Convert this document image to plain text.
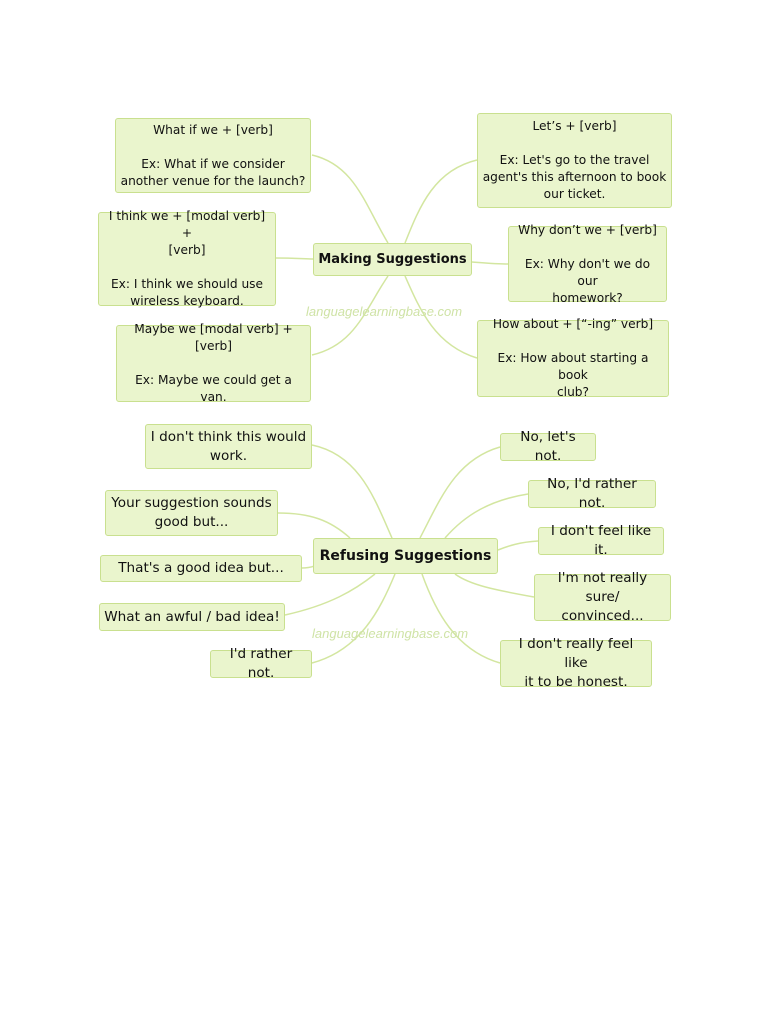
Making Suggestions
What if we + [verb]

Ex: What if we consider
another venue for the launch?
I think we + [modal verb] +
[verb]

Ex: I think we should use
wireless keyboard.
Maybe we [modal verb] +
[verb]

Ex: Maybe we could get a van.
Let’s + [verb]

Ex: Let's go to the travel
agent's this afternoon to book
our ticket.
Why don’t we + [verb]

Ex: Why don't we do our
homework?
How about + [“-ing” verb]

Ex: How about starting a book
club?
languagelearningbase.com
Refusing Suggestions
I don't think this would
work.
Your suggestion sounds
good but...
That's a good idea but...
What an awful / bad idea!
I'd rather not.
No, let's not.
No, I'd rather not.
I don't feel like it.
I'm not really sure/
convinced...
I don't really feel like
it to be honest.
languagelearningbase.com
